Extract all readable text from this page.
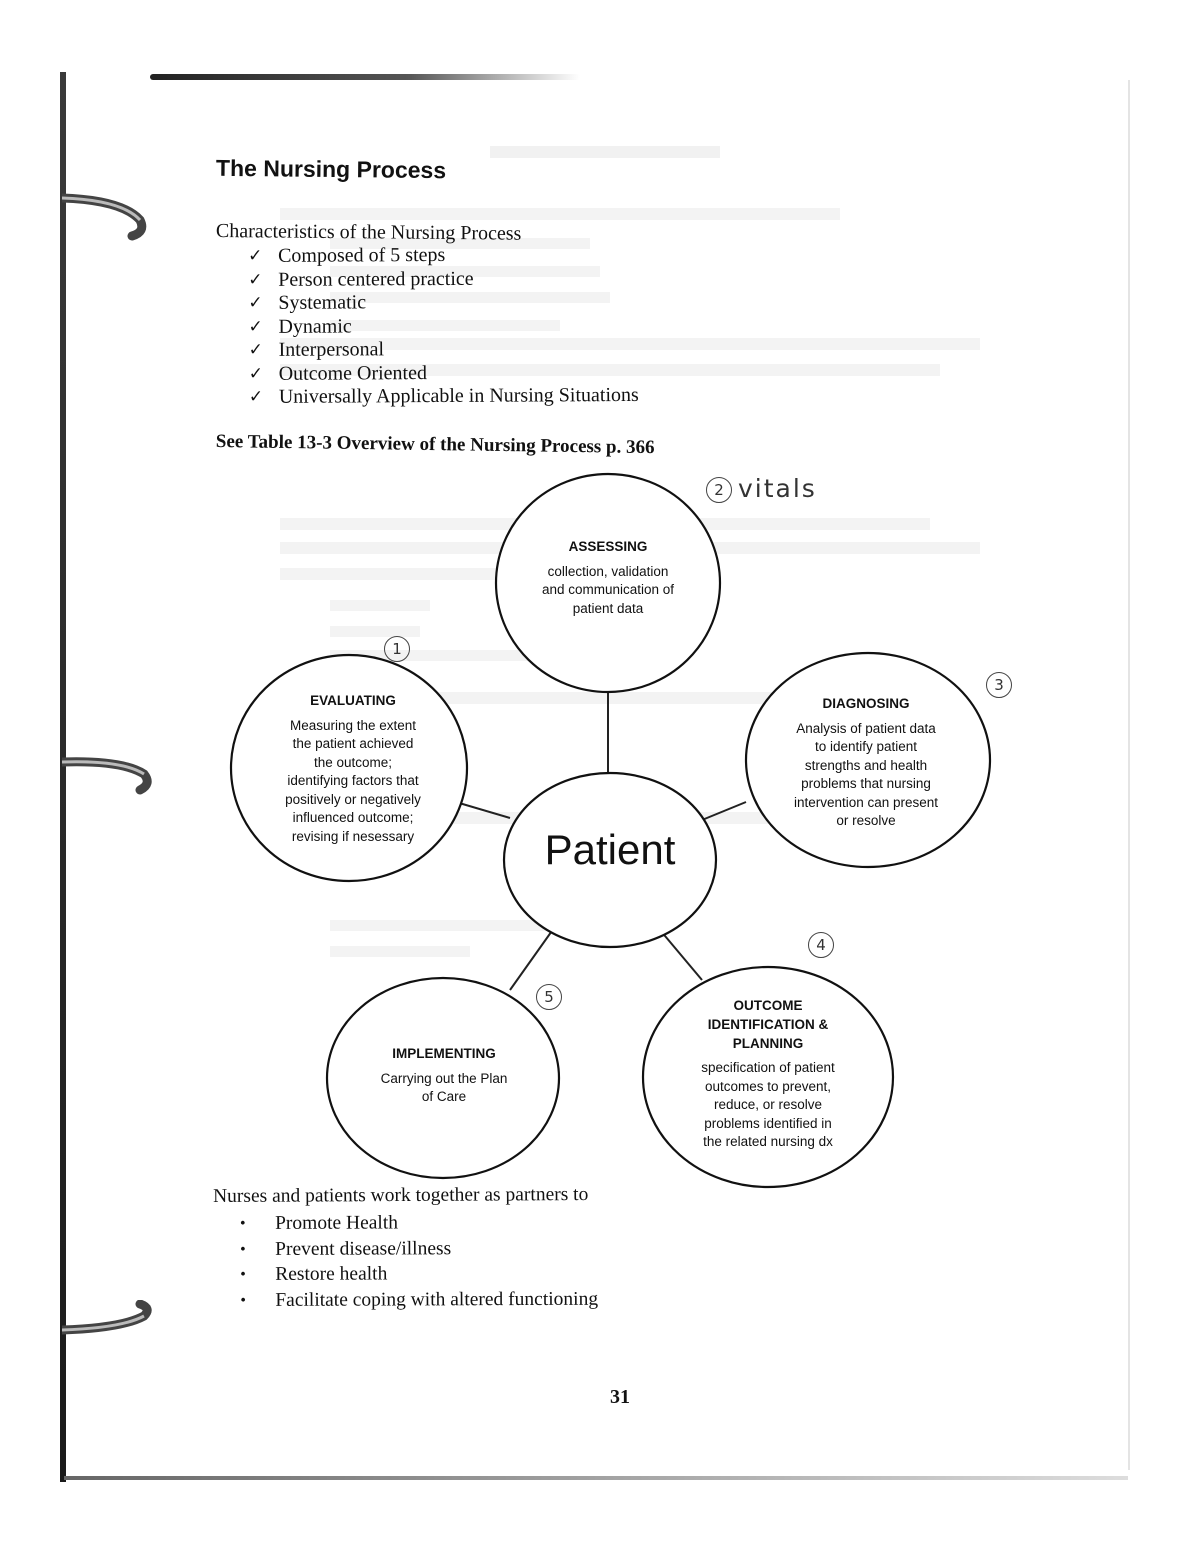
The Nursing Process
Characteristics of the Nursing Process
✓ Composed of 5 steps
✓ Person centered practice
✓ Systematic
✓ Dynamic
✓ Interpersonal
✓ Outcome Oriented
✓ Universally Applicable in Nursing Situations
See Table 13-3 Overview of the Nursing Process p. 366
ASSESSING
collection, validation
and communication of
patient data
DIAGNOSING
Analysis of patient data
to identify patient
strengths and health
problems that nursing
intervention can present
or resolve
EVALUATING
Measuring the extent
the patient achieved
the outcome;
identifying factors that
positively or negatively
influenced outcome;
revising if nesessary
IMPLEMENTING
Carrying out the Plan
of Care
OUTCOME
IDENTIFICATION &
PLANNING
specification of patient
outcomes to prevent,
reduce, or resolve
problems identified in
the related nursing dx
Patient
2 vitals
1
3
4
5
Nurses and patients work together as partners to
•	Promote Health
•	Prevent disease/illness
•	Restore health
•	Facilitate coping with altered functioning
31
